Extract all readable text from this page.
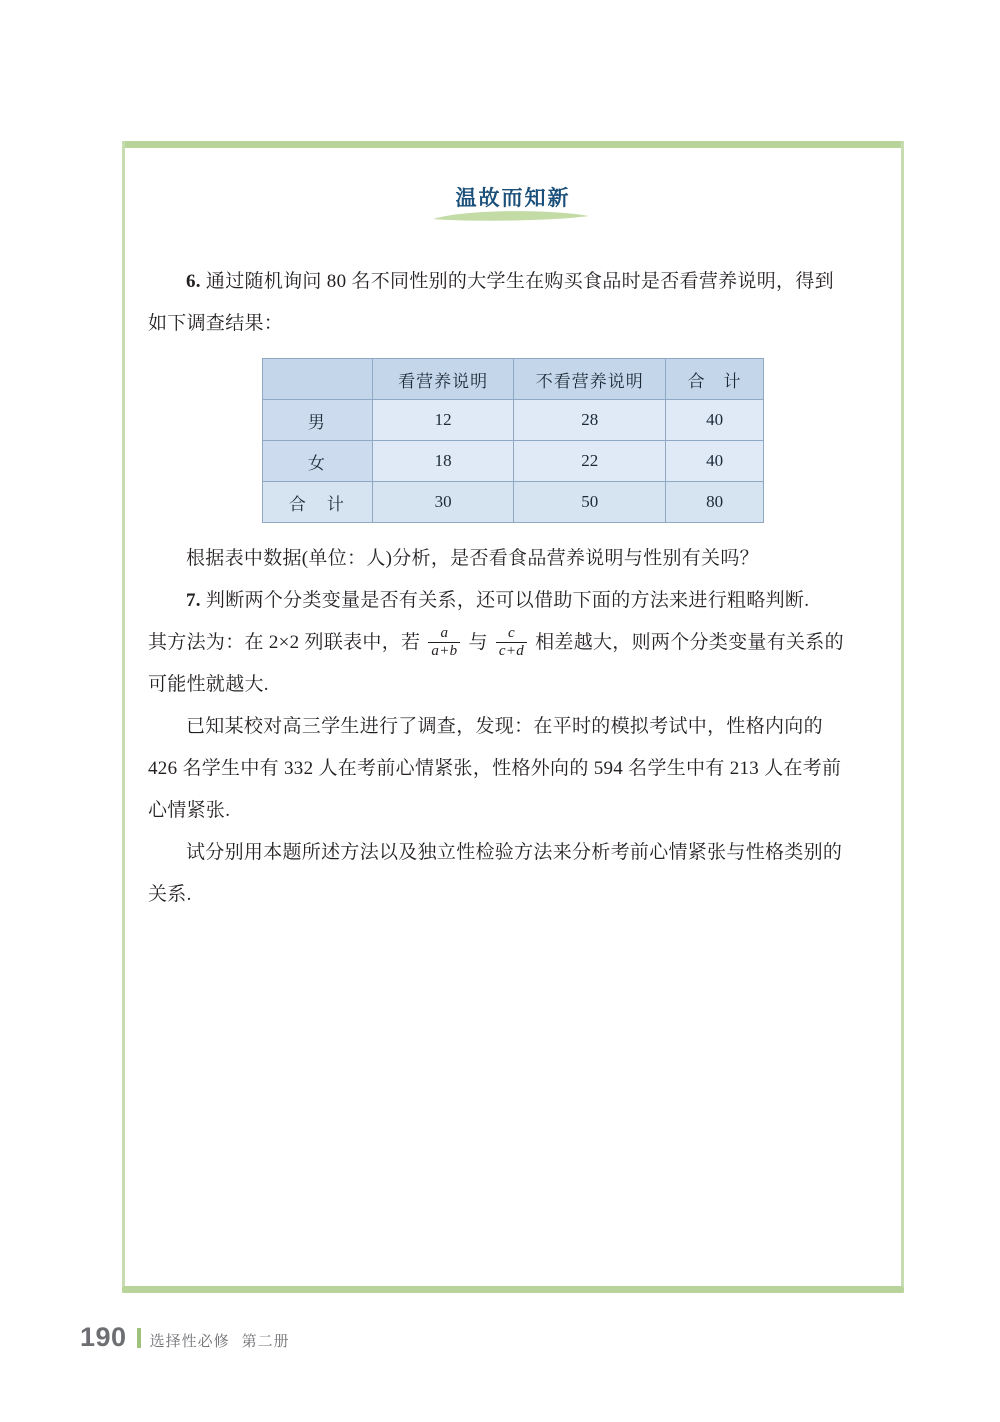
温故而知新

6. 通过随机询问 80 名不同性别的大学生在购买食品时是否看营养说明，得到

如下调查结果：

	看营养说明	不看营养说明	合　计
男	12	28	40
女	18	22	40
合　计	30	50	80

根据表中数据(单位：人)分析，是否看食品营养说明与性别有关吗？

7. 判断两个分类变量是否有关系，还可以借助下面的方法来进行粗略判断.

其方法为：在 2×2 列联表中，若 $\frac{a}{a+b}$ 与 $\frac{c}{c+d}$ 相差越大，则两个分类变量有关系的

可能性就越大.

已知某校对高三学生进行了调查，发现：在平时的模拟考试中，性格内向的

426 名学生中有 332 人在考前心情紧张，性格外向的 594 名学生中有 213 人在考前

心情紧张.

试分别用本题所述方法以及独立性检验方法来分析考前心情紧张与性格类别的

关系.

190 选择性必修 第二册
